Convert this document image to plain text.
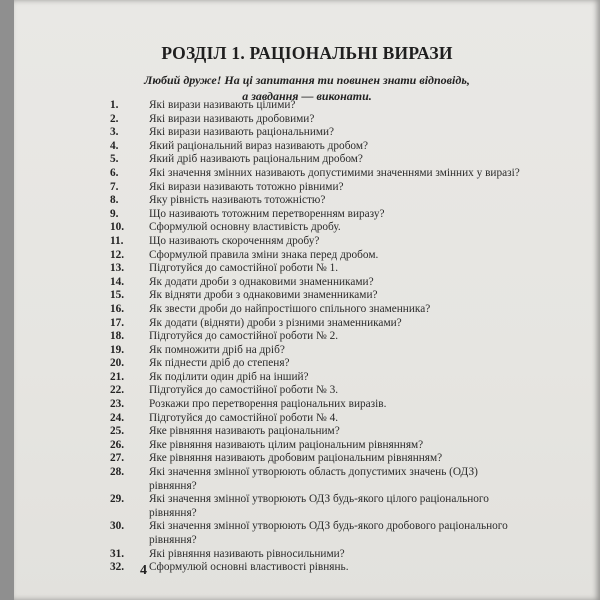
РОЗДІЛ 1. РАЦІОНАЛЬНІ ВИРАЗИ
Любий друже! На ці запитання ти повинен знати відповідь,
а завдання — виконати.
1.	Які вирази називають цілими?
2.	Які вирази називають дробовими?
3.	Які вирази називають раціональними?
4.	Який раціональний вираз називають дробом?
5.	Який дріб називають раціональним дробом?
6.	Які значення змінних називають допустимими значеннями змінних у виразі?
7.	Які вирази називають тотожно рівними?
8.	Яку рівність називають тотожністю?
9.	Що називають тотожним перетворенням виразу?
10.	Сформулюй основну властивість дробу.
11.	Що називають скороченням дробу?
12.	Сформулюй правила зміни знака перед дробом.
13.	Підготуйся до самостійної роботи № 1.
14.	Як додати дроби з однаковими знаменниками?
15.	Як відняти дроби з однаковими знаменниками?
16.	Як звести дроби до найпростішого спільного знаменника?
17.	Як додати (відняти) дроби з різними знаменниками?
18.	Підготуйся до самостійної роботи № 2.
19.	Як помножити дріб на дріб?
20.	Як піднести дріб до степеня?
21.	Як поділити один дріб на інший?
22.	Підготуйся до самостійної роботи № 3.
23.	Розкажи про перетворення раціональних виразів.
24.	Підготуйся до самостійної роботи № 4.
25.	Яке рівняння називають раціональним?
26.	Яке рівняння називають цілим раціональним рівнянням?
27.	Яке рівняння називають дробовим раціональним рівнянням?
28.	Які значення змінної утворюють область допустимих значень (ОДЗ) рівняння?
29.	Які значення змінної утворюють ОДЗ будь-якого цілого раціонального рівняння?
30.	Які значення змінної утворюють ОДЗ будь-якого дробового раціонального рівняння?
31.	Які рівняння називають рівносильними?
32.	Сформулюй основні властивості рівнянь.
4
